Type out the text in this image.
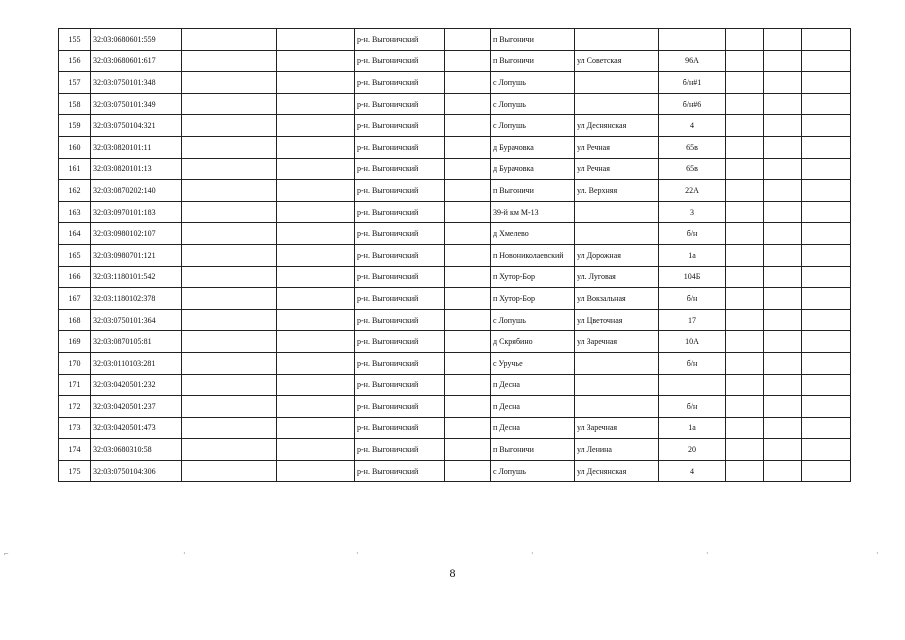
155	32:03:0680601:559			р-н. Выгоничский		п Выгоничи					
156	32:03:0680601:617			р-н. Выгоничский		п Выгоничи	ул Советская	96А			
157	32:03:0750101:348			р-н. Выгоничский		с Лопушь		б/н#1			
158	32:03:0750101:349			р-н. Выгоничский		с Лопушь		б/н#6			
159	32:03:0750104:321			р-н. Выгоничский		с Лопушь	ул Деснянская	4			
160	32:03:0820101:11			р-н. Выгоничский		д Бурачовка	ул Речная	65в			
161	32:03:0820101:13			р-н. Выгоничский		д Бурачовка	ул Речная	65в			
162	32:03:0870202:140			р-н. Выгоничский		п Выгоничи	ул. Верхняя	22А			
163	32:03:0970101:183			р-н. Выгоничский		39-й км М-13		3			
164	32:03:0980102:107			р-н. Выгоничский		д Хмелево		б/н			
165	32:03:0980701:121			р-н. Выгоничский		п Новониколаевский	ул Дорожная	1а			
166	32:03:1180101:542			р-н. Выгоничский		п Хутор-Бор	ул. Луговая	104Б			
167	32:03:1180102:378			р-н. Выгоничский		п Хутор-Бор	ул Вокзальная	б/н			
168	32:03:0750101:364			р-н. Выгоничский		с Лопушь	ул Цветочная	17			
169	32:03:0870105:81			р-н. Выгоничский		д Скрябино	ул Заречная	10А			
170	32:03:0110103:281			р-н. Выгоничский		с Уручье		б/н			
171	32:03:0420501:232			р-н. Выгоничский		п Десна					
172	32:03:0420501:237			р-н. Выгоничский		п Десна		б/н			
173	32:03:0420501:473			р-н. Выгоничский		п Десна	ул Заречная	1а			
174	32:03:0680310:58			р-н. Выгоничский		п Выгоничи	ул Ленина	20			
175	32:03:0750104:306			р-н. Выгоничский		с Лопушь	ул Деснянская	4			
8
⌐	·	·	·	·	·
